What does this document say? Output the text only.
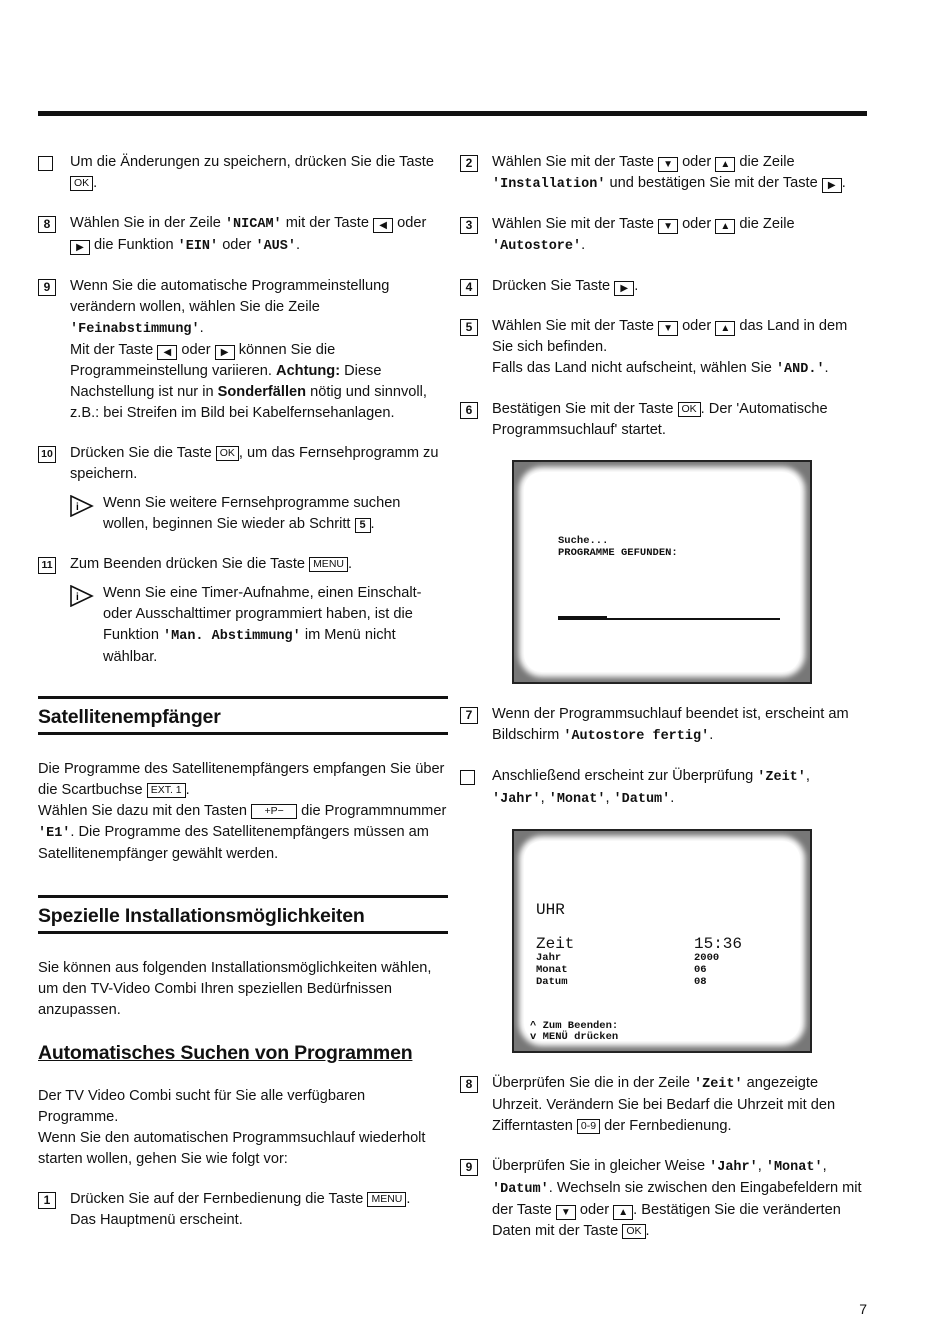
Um die Änderungen zu speichern, drücken Sie die Taste OK .
8	Wählen Sie in der Zeile 'NICAM' mit der Taste ◀ oder ▶ die Funktion 'EIN' oder 'AUS'.
9	Wenn Sie die automatische Programmeinstellung verändern wollen, wählen Sie die Zeile 'Feinabstimmung'.
Mit der Taste ◀ oder ▶ können Sie die Programmeinstellung variieren. Achtung: Diese Nachstellung ist nur in Sonderfällen nötig und sinnvoll, z.B.: bei Streifen im Bild bei Kabelfernsehanlagen.
10 Drücken Sie die Taste OK , um das Fernsehprogramm zu speichern.
i Wenn Sie weitere Fernsehprogramme suchen wollen, beginnen Sie wieder ab Schritt 5 .
11 Zum Beenden drücken Sie die Taste MENU .
i Wenn Sie eine Timer-Aufnahme, einen Einschalt- oder Ausschalttimer programmiert haben, ist die Funktion 'Man. Abstimmung' im Menü nicht wählbar.
Satellitenempfänger

Die Programme des Satellitenempfängers empfangen Sie über die Scartbuchse EXT. 1 .
Wählen Sie dazu mit den Tasten +P− die Programmnummer 'E1'. Die Programme des Satellitenempfängers müssen am Satellitenempfänger gewählt werden.

Spezielle Installationsmöglichkeiten

Sie können aus folgenden Installationsmöglichkeiten wählen, um den TV-Video Combi Ihren speziellen Bedürfnissen anzupassen.

Automatisches Suchen von Programmen

Der TV Video Combi sucht für Sie alle verfügbaren Programme.
Wenn Sie den automatischen Programmsuchlauf wiederholt starten wollen, gehen Sie wie folgt vor:

1	Drücken Sie auf der Fernbedienung die Taste MENU .
Das Hauptmenü erscheint.
2	Wählen Sie mit der Taste ▼ oder ▲ die Zeile 'Installation' und bestätigen Sie mit der Taste ▶ .
3	Wählen Sie mit der Taste ▼ oder ▲ die Zeile 'Autostore'.
4	Drücken Sie Taste ▶ .
5	Wählen Sie mit der Taste ▼ oder ▲ das Land in dem Sie sich befinden.
Falls das Land nicht aufscheint, wählen Sie 'AND.'.
6	Bestätigen Sie mit der Taste OK . Der 'Automatische Programmsuchlauf' startet.
Suche...
PROGRAMME GEFUNDEN:
7	Wenn der Programmsuchlauf beendet ist, erscheint am Bildschirm 'Autostore fertig'.
Anschließend erscheint zur Überprüfung 'Zeit', 'Jahr', 'Monat', 'Datum'.
UHR
Zeit	15:36
Jahr	2000
Monat	06
Datum	08
^ Zum Beenden:
v MENÜ drücken
8	Überprüfen Sie die in der Zeile 'Zeit' angezeigte Uhrzeit. Verändern Sie bei Bedarf die Uhrzeit mit den Zifferntasten 0-9 der Fernbedienung.
9	Überprüfen Sie in gleicher Weise 'Jahr', 'Monat', 'Datum'. Wechseln sie zwischen den Eingabefeldern mit der Taste ▼ oder ▲ . Bestätigen Sie die veränderten Daten mit der Taste OK .
7
